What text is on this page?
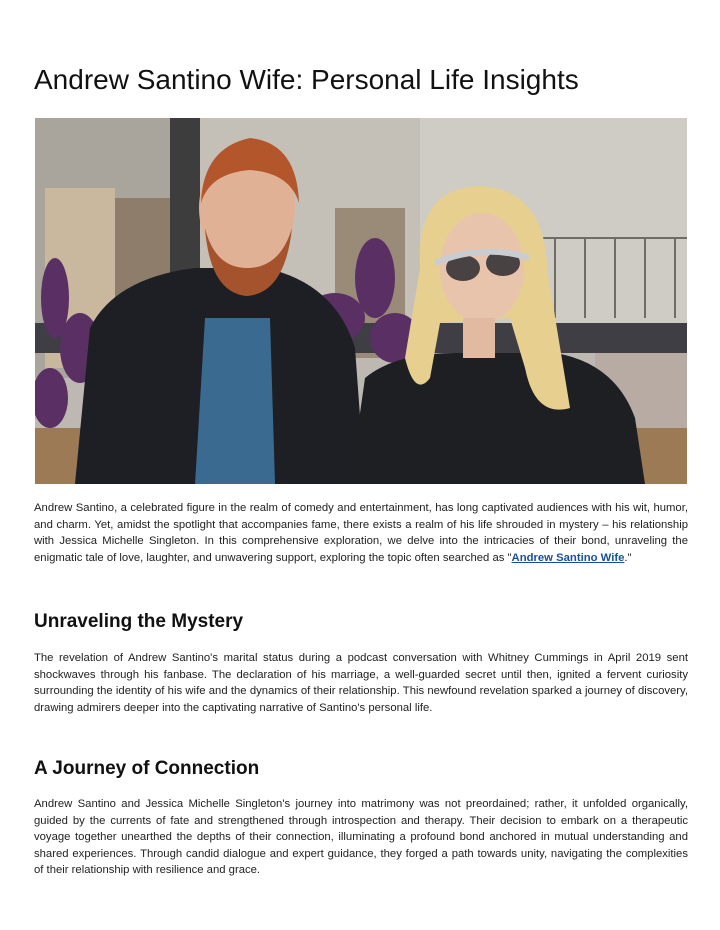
Andrew Santino Wife: Personal Life Insights

Andrew Santino, a celebrated figure in the realm of comedy and entertainment, has long captivated audiences with his wit, humor, and charm. Yet, amidst the spotlight that accompanies fame, there exists a realm of his life shrouded in mystery – his relationship with Jessica Michelle Singleton. In this comprehensive exploration, we delve into the intricacies of their bond, unraveling the enigmatic tale of love, laughter, and unwavering support, exploring the topic often searched as "Andrew Santino Wife."

Unraveling the Mystery

The revelation of Andrew Santino's marital status during a podcast conversation with Whitney Cummings in April 2019 sent shockwaves through his fanbase. The declaration of his marriage, a well-guarded secret until then, ignited a fervent curiosity surrounding the identity of his wife and the dynamics of their relationship. This newfound revelation sparked a journey of discovery, drawing admirers deeper into the captivating narrative of Santino's personal life.

A Journey of Connection

Andrew Santino and Jessica Michelle Singleton's journey into matrimony was not preordained; rather, it unfolded organically, guided by the currents of fate and strengthened through introspection and therapy. Their decision to embark on a therapeutic voyage together unearthed the depths of their connection, illuminating a profound bond anchored in mutual understanding and shared experiences. Through candid dialogue and expert guidance, they forged a path towards unity, navigating the complexities of their relationship with resilience and grace.
